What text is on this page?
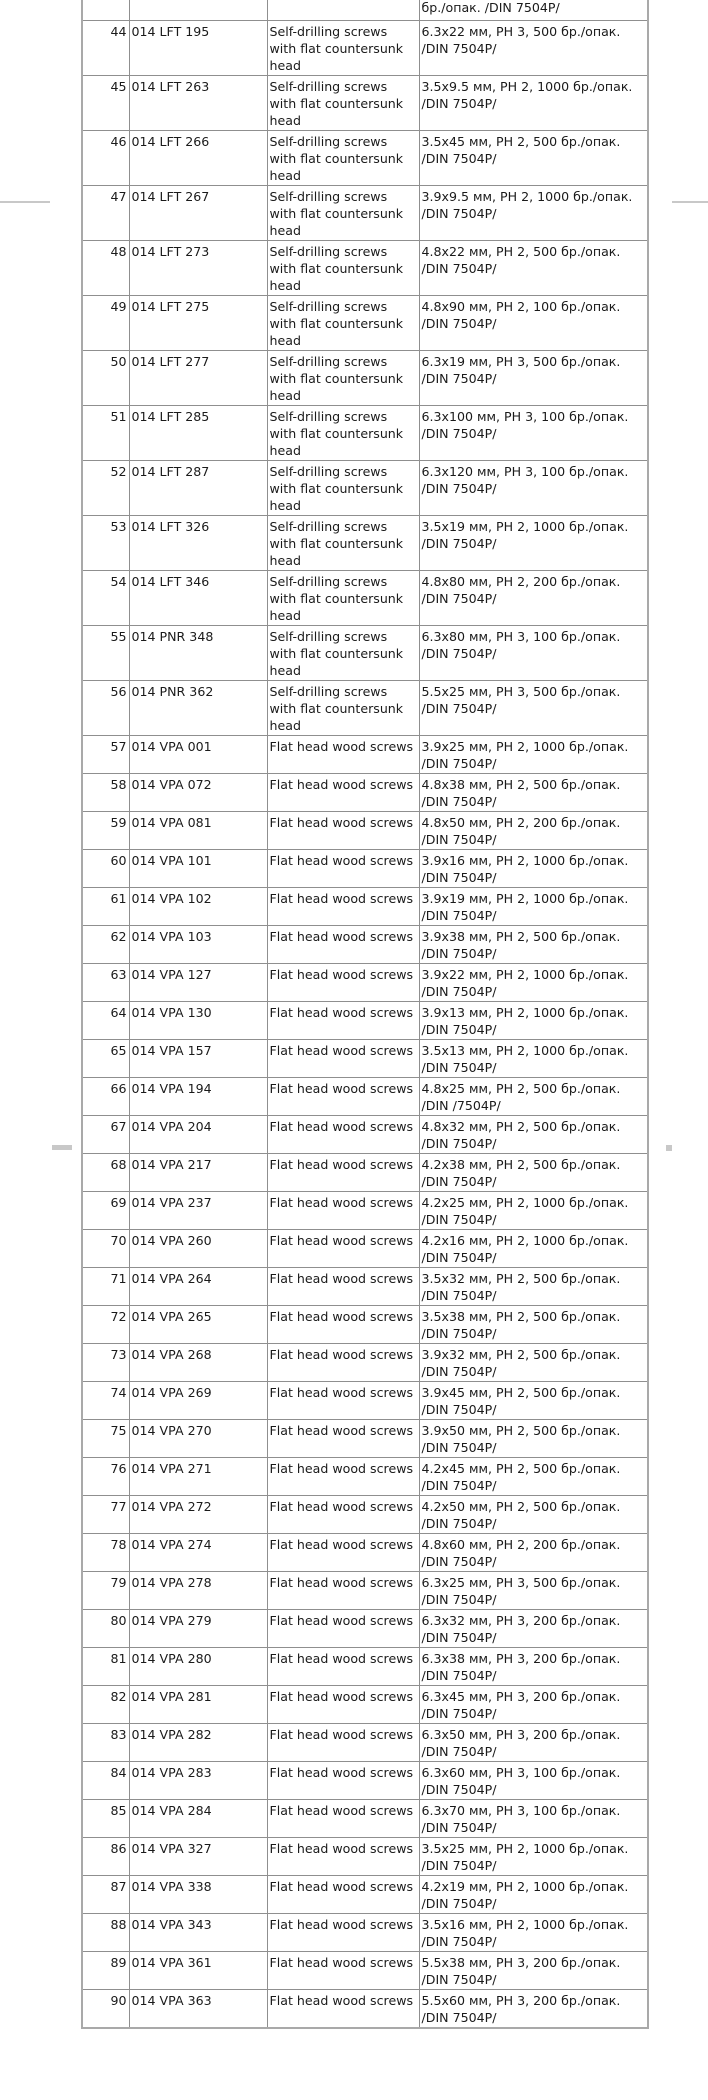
			бр./опак. /DIN 7504P/
44	014 LFT 195	Self-drilling screws with flat countersunk head	6.3x22 мм, PH 3, 500 бр./опак. /DIN 7504P/
45	014 LFT 263	Self-drilling screws with flat countersunk head	3.5x9.5 мм, PH 2, 1000 бр./опак. /DIN 7504P/
46	014 LFT 266	Self-drilling screws with flat countersunk head	3.5x45 мм, PH 2, 500 бр./опак. /DIN 7504P/
47	014 LFT 267	Self-drilling screws with flat countersunk head	3.9x9.5 мм, PH 2, 1000 бр./опак. /DIN 7504P/
48	014 LFT 273	Self-drilling screws with flat countersunk head	4.8x22 мм, PH 2, 500 бр./опак. /DIN 7504P/
49	014 LFT 275	Self-drilling screws with flat countersunk head	4.8x90 мм, PH 2, 100 бр./опак. /DIN 7504P/
50	014 LFT 277	Self-drilling screws with flat countersunk head	6.3x19 мм, PH 3, 500 бр./опак. /DIN 7504P/
51	014 LFT 285	Self-drilling screws with flat countersunk head	6.3x100 мм, PH 3, 100 бр./опак. /DIN 7504P/
52	014 LFT 287	Self-drilling screws with flat countersunk head	6.3x120 мм, PH 3, 100 бр./опак. /DIN 7504P/
53	014 LFT 326	Self-drilling screws with flat countersunk head	3.5x19 мм, PH 2, 1000 бр./опак. /DIN 7504P/
54	014 LFT 346	Self-drilling screws with flat countersunk head	4.8x80 мм, PH 2, 200 бр./опак. /DIN 7504P/
55	014 PNR 348	Self-drilling screws with flat countersunk head	6.3x80 мм, PH 3, 100 бр./опак. /DIN 7504P/
56	014 PNR 362	Self-drilling screws with flat countersunk head	5.5x25 мм, PH 3, 500 бр./опак. /DIN 7504P/
57	014 VPA 001	Flat head wood screws	3.9x25 мм, PH 2, 1000 бр./опак. /DIN 7504P/
58	014 VPA 072	Flat head wood screws	4.8x38 мм, PH 2, 500 бр./опак. /DIN 7504P/
59	014 VPA 081	Flat head wood screws	4.8x50 мм, PH 2, 200 бр./опак. /DIN 7504P/
60	014 VPA 101	Flat head wood screws	3.9x16 мм, PH 2, 1000 бр./опак. /DIN 7504P/
61	014 VPA 102	Flat head wood screws	3.9x19 мм, PH 2, 1000 бр./опак. /DIN 7504P/
62	014 VPA 103	Flat head wood screws	3.9x38 мм, PH 2, 500 бр./опак. /DIN 7504P/
63	014 VPA 127	Flat head wood screws	3.9x22 мм, PH 2, 1000 бр./опак. /DIN 7504P/
64	014 VPA 130	Flat head wood screws	3.9x13 мм, PH 2, 1000 бр./опак. /DIN 7504P/
65	014 VPA 157	Flat head wood screws	3.5x13 мм, PH 2, 1000 бр./опак. /DIN 7504P/
66	014 VPA 194	Flat head wood screws	4.8x25 мм, PH 2, 500 бр./опак. /DIN /7504P/
67	014 VPA 204	Flat head wood screws	4.8x32 мм, PH 2, 500 бр./опак. /DIN 7504P/
68	014 VPA 217	Flat head wood screws	4.2x38 мм, PH 2, 500 бр./опак. /DIN 7504P/
69	014 VPA 237	Flat head wood screws	4.2x25 мм, PH 2, 1000 бр./опак. /DIN 7504P/
70	014 VPA 260	Flat head wood screws	4.2x16 мм, PH 2, 1000 бр./опак. /DIN 7504P/
71	014 VPA 264	Flat head wood screws	3.5x32 мм, PH 2, 500 бр./опак. /DIN 7504P/
72	014 VPA 265	Flat head wood screws	3.5x38 мм, PH 2, 500 бр./опак. /DIN 7504P/
73	014 VPA 268	Flat head wood screws	3.9x32 мм, PH 2, 500 бр./опак. /DIN 7504P/
74	014 VPA 269	Flat head wood screws	3.9x45 мм, PH 2, 500 бр./опак. /DIN 7504P/
75	014 VPA 270	Flat head wood screws	3.9x50 мм, PH 2, 500 бр./опак. /DIN 7504P/
76	014 VPA 271	Flat head wood screws	4.2x45 мм, PH 2, 500 бр./опак. /DIN 7504P/
77	014 VPA 272	Flat head wood screws	4.2x50 мм, PH 2, 500 бр./опак. /DIN 7504P/
78	014 VPA 274	Flat head wood screws	4.8x60 мм, PH 2, 200 бр./опак. /DIN 7504P/
79	014 VPA 278	Flat head wood screws	6.3x25 мм, PH 3, 500 бр./опак. /DIN 7504P/
80	014 VPA 279	Flat head wood screws	6.3x32 мм, PH 3, 200 бр./опак. /DIN 7504P/
81	014 VPA 280	Flat head wood screws	6.3x38 мм, PH 3, 200 бр./опак. /DIN 7504P/
82	014 VPA 281	Flat head wood screws	6.3x45 мм, PH 3, 200 бр./опак. /DIN 7504P/
83	014 VPA 282	Flat head wood screws	6.3x50 мм, PH 3, 200 бр./опак. /DIN 7504P/
84	014 VPA 283	Flat head wood screws	6.3x60 мм, PH 3, 100 бр./опак. /DIN 7504P/
85	014 VPA 284	Flat head wood screws	6.3x70 мм, PH 3, 100 бр./опак. /DIN 7504P/
86	014 VPA 327	Flat head wood screws	3.5x25 мм, PH 2, 1000 бр./опак. /DIN 7504P/
87	014 VPA 338	Flat head wood screws	4.2x19 мм, PH 2, 1000 бр./опак. /DIN 7504P/
88	014 VPA 343	Flat head wood screws	3.5x16 мм, PH 2, 1000 бр./опак. /DIN 7504P/
89	014 VPA 361	Flat head wood screws	5.5x38 мм, PH 3, 200 бр./опак. /DIN 7504P/
90	014 VPA 363	Flat head wood screws	5.5x60 мм, PH 3, 200 бр./опак. /DIN 7504P/
